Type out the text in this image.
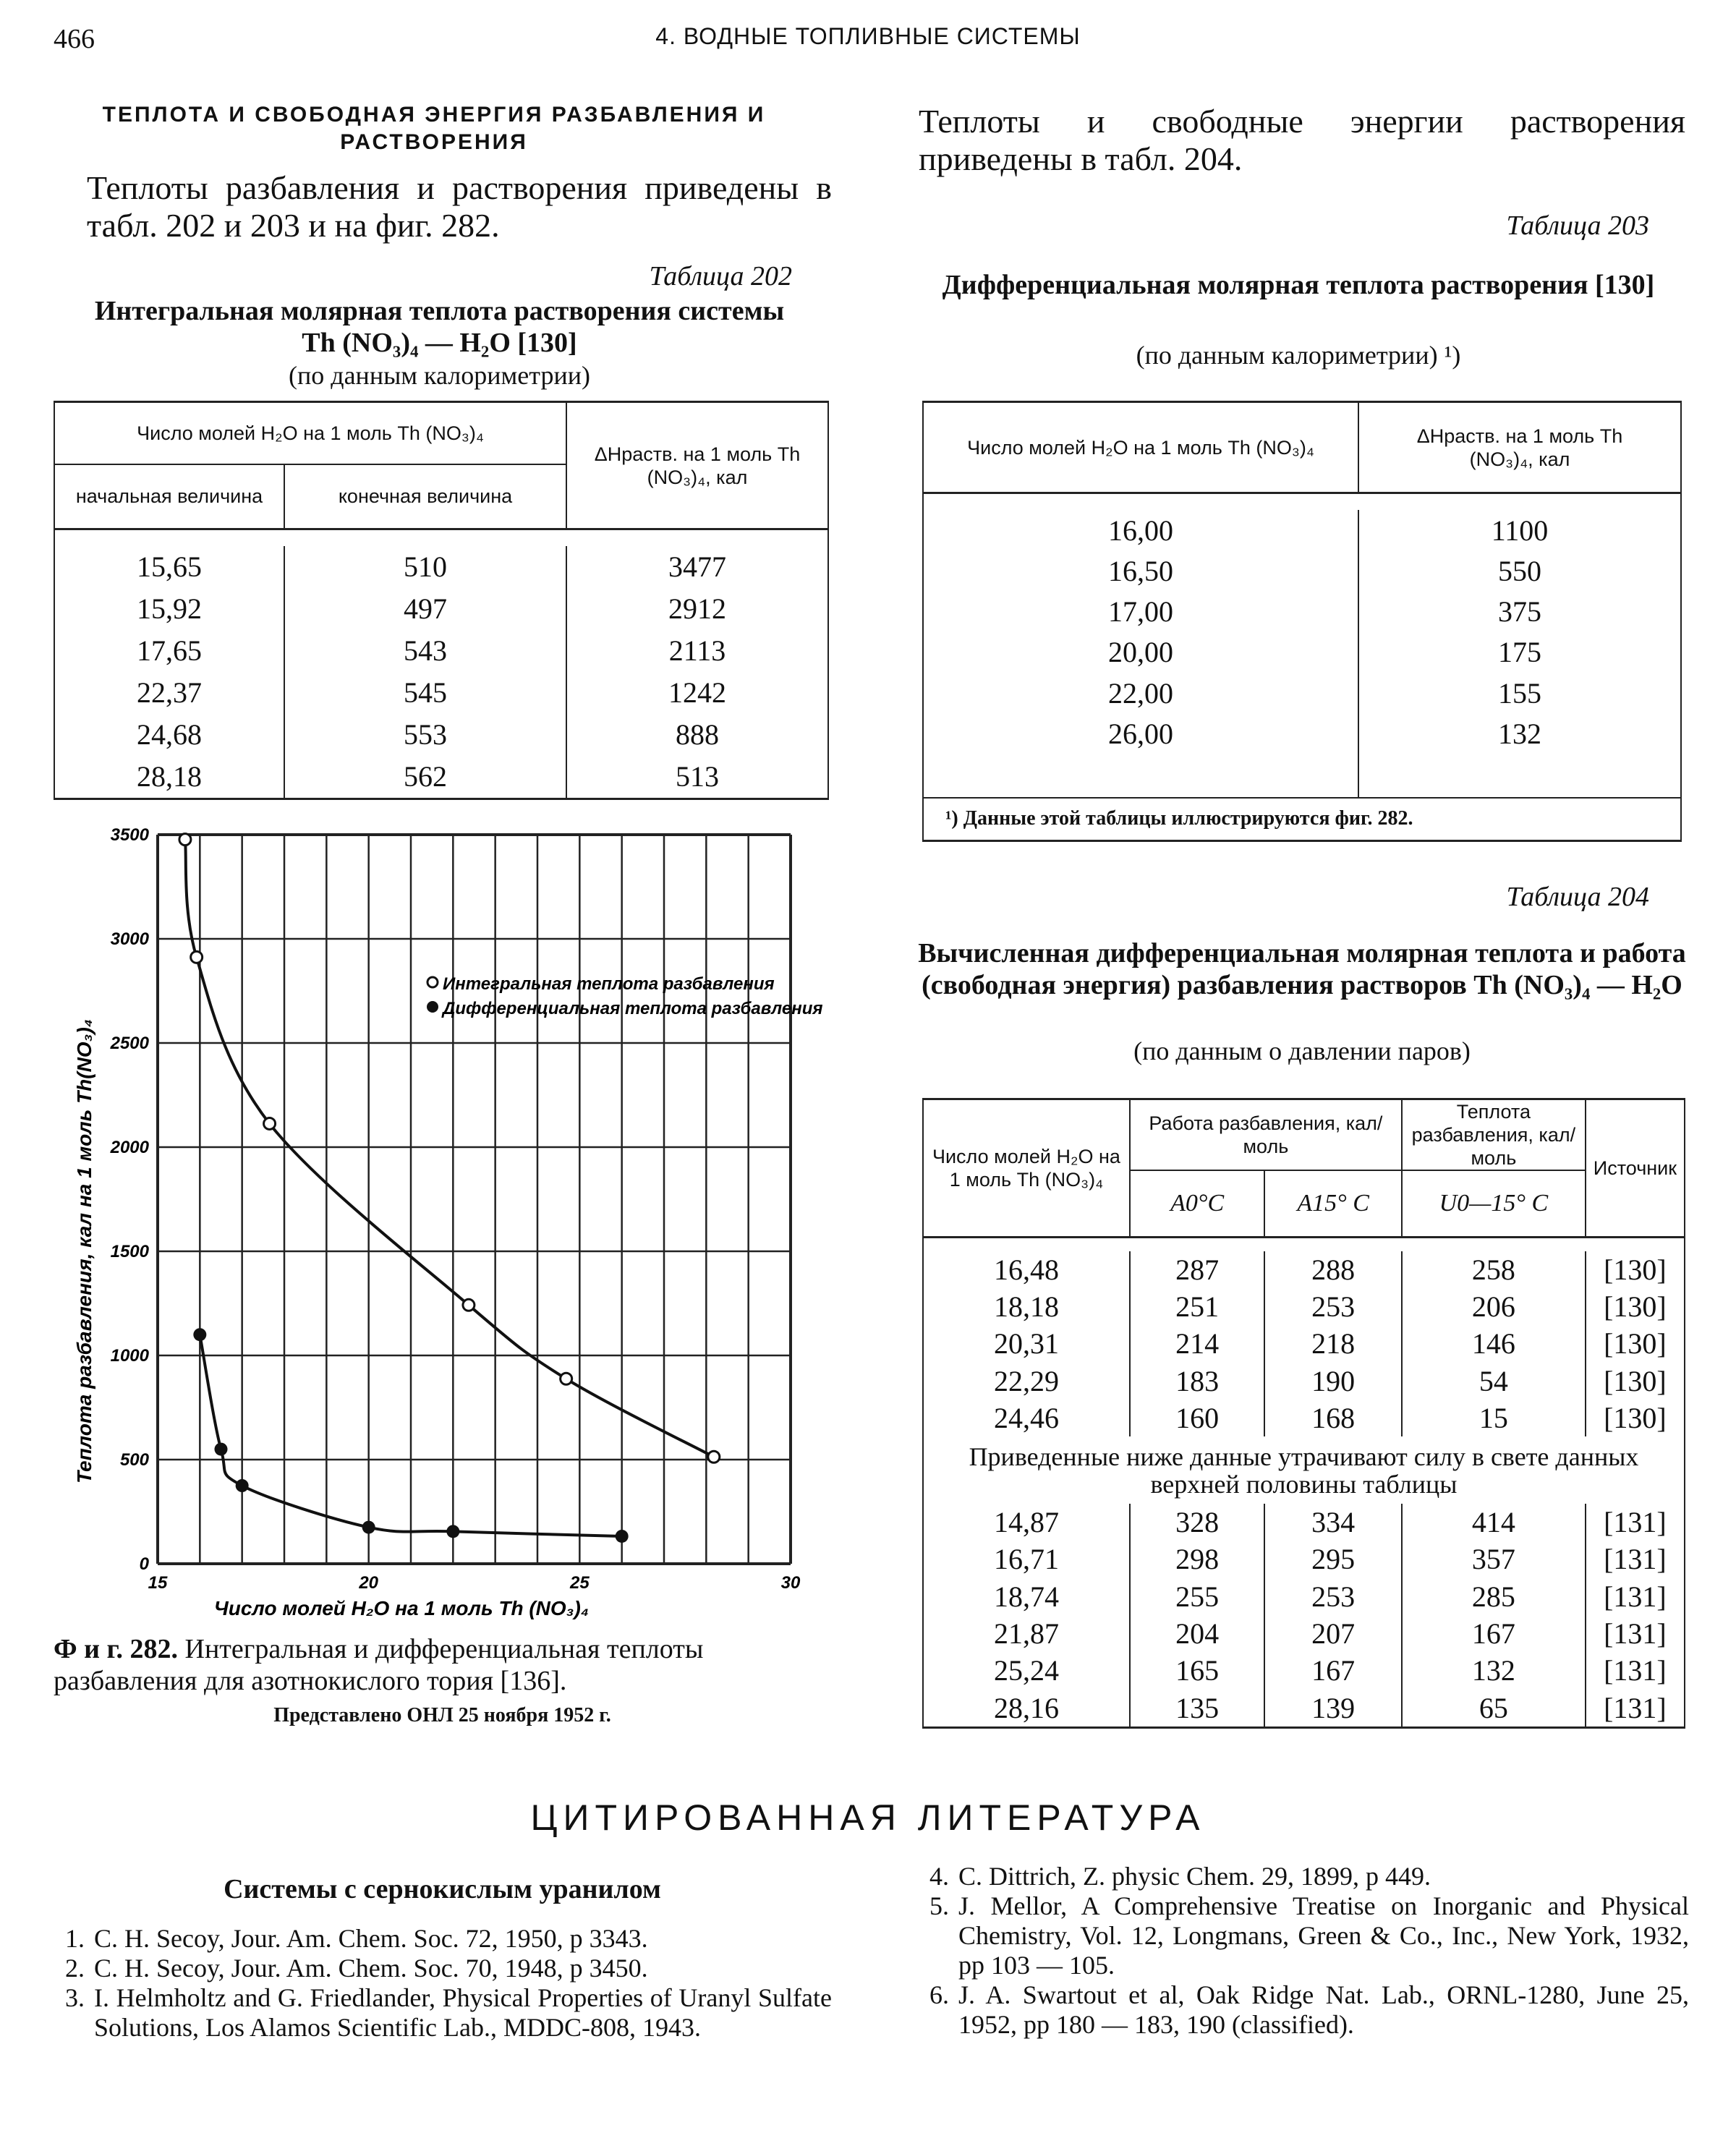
466	4. ВОДНЫЕ ТОПЛИВНЫЕ СИСТЕМЫ
ТЕПЛОТА И СВОБОДНАЯ ЭНЕРГИЯ РАЗБАВЛЕНИЯ И РАСТВОРЕНИЯ
Теплоты разбавления и растворения приведены в табл. 202 и 203 и на фиг. 282.
Таблица 202
Интегральная молярная теплота растворения системы Th (NO₃)₄ — H₂O [130]
(по данным калориметрии)
Число молей H₂O на 1 моль Th (NO₃)₄		ΔHраств. на 1 моль Th (NO₃)₄, кал
начальная величина	конечная величина	

15,65	510	3477
15,92	497	2912
17,65	543	2113
22,37	545	1242
24,68	553	888
28,18	562	513

15	20	25	30
0
500
1000
1500
2000
2500
3000
3500
Интегральная теплота разбавления
Дифференциальная теплота разбавления
Число молей H₂O на 1 моль Th (NO₃)₄
Теплота разбавления, кал на 1 моль Th(NO₃)₄
Ф и г. 282. Интегральная и дифференциальная теплоты разбавления для азотнокислого тория [136].
Представлено ОНЛ 25 ноября 1952 г.
Теплоты и свободные энергии растворения приведены в табл. 204.
Таблица 203
Дифференциальная молярная теплота растворения [130]
(по данным калориметрии) ¹)
Число молей H₂O на 1 моль Th (NO₃)₄	ΔHраств. на 1 моль Th (NO₃)₄, кал

16,00	1100
16,50	550
17,00	375
20,00	175
22,00	155
26,00	132

¹) Данные этой таблицы иллюстрируются фиг. 282.	
Таблица 204
Вычисленная дифференциальная молярная теплота и работа (свободная энергия) разбавления растворов Th (NO₃)₄ — H₂O
(по данным о давлении паров)
Число молей H₂O на 1 моль Th (NO₃)₄	Работа разбавления, кал/моль		Теплота разбавления, кал/моль	Источник
	A0°C	A15° C	U0—15° C	

16,48	287	288	258	[130]
18,18	251	253	206	[130]
20,31	214	218	146	[130]
22,29	183	190	54	[130]
24,46	160	168	15	[130]
Приведенные ниже данные утрачивают силу в свете данных верхней половины таблицы				
14,87	328	334	414	[131]
16,71	298	295	357	[131]
18,74	255	253	285	[131]
21,87	204	207	167	[131]
25,24	165	167	132	[131]
28,16	135	139	65	[131]
ЦИТИРОВАННАЯ ЛИТЕРАТУРА
Системы с сернокислым уранилом
1. C. H. Secoy, Jour. Am. Chem. Soc. 72, 1950, p 3343.
2. C. H. Secoy, Jour. Am. Chem. Soc. 70, 1948, p 3450.
3. I. Helmholtz and G. Friedlander, Physical Properties of Uranyl Sulfate Solutions, Los Alamos Scientific Lab., MDDC-808, 1943.
4. C. Dittrich, Z. physic Chem. 29, 1899, p 449.
5. J. Mellor, A Comprehensive Treatise on Inorganic and Physical Chemistry, Vol. 12, Longmans, Green & Co., Inc., New York, 1932, pp 103 — 105.
6. J. A. Swartout et al, Oak Ridge Nat. Lab., ORNL-1280, June 25, 1952, pp 180 — 183, 190 (classified).
